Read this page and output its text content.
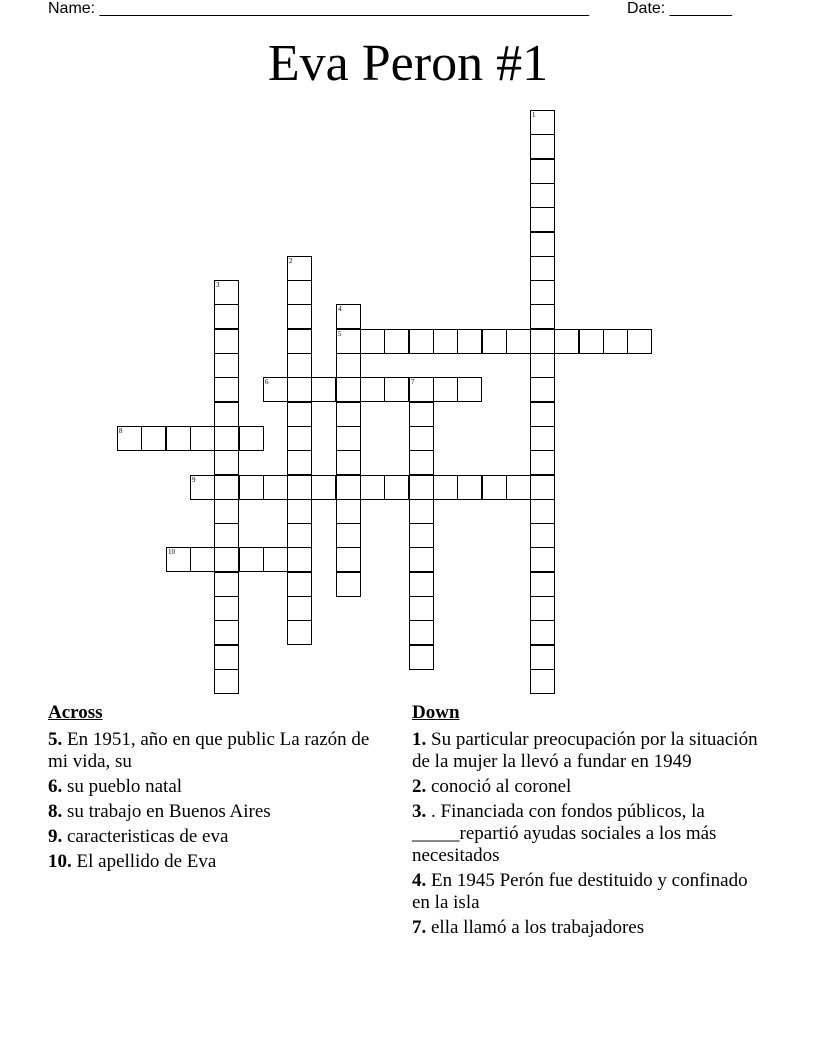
Name: _______________________________________________________ Date: _______
Eva Peron #1
1
2
3
4
5
6	7
8
9
10
Across
5. En 1951, año en que public La razón de mi vida, su
6. su pueblo natal
8. su trabajo en Buenos Aires
9. caracteristicas de eva
10. El apellido de Eva
Down
1. Su particular preocupación por la situación de la mujer la llevó a fundar en 1949
2. conoció al coronel
3. . Financiada con fondos públicos, la _____repartió ayudas sociales a los más necesitados
4. En 1945 Perón fue destituido y confinado en la isla
7. ella llamó a los trabajadores
